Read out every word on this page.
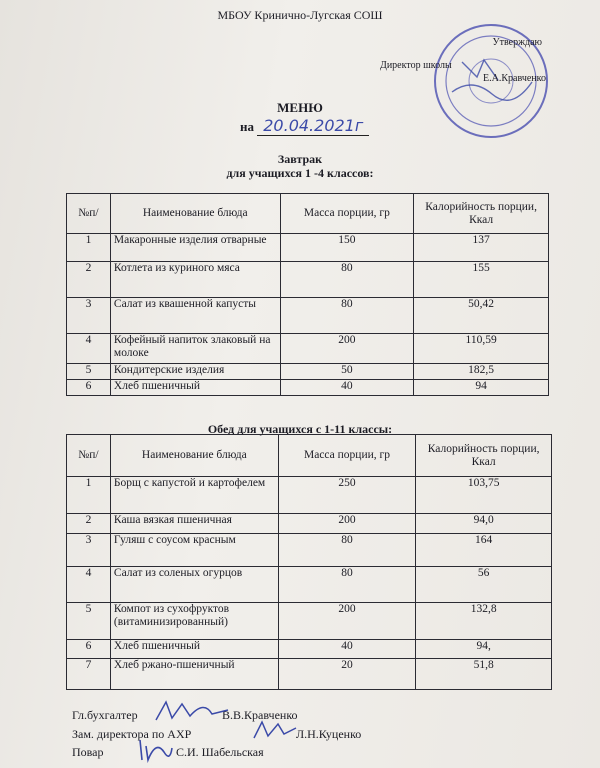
МБОУ Кринично-Лугская СОШ
Утверждаю
Директор школы
Е.А.Кравченко
МЕНЮ
на 20.04.2021г
Завтрак
для учащихся 1 -4 классов:
№п/	Наименование блюда	Масса порции, гр	Калорийность порции, Ккал
1	Макаронные изделия отварные	150	137
2	Котлета из куриного мяса	80	155
3	Салат из квашенной капусты	80	50,42
4	Кофейный напиток злаковый на молоке	200	110,59
5	Кондитерские изделия	50	182,5
6	Хлеб пшеничный	40	94
Обед для учащихся с 1-11 классы:
№п/	Наименование блюда	Масса порции, гр	Калорийность порции, Ккал
1	Борщ с капустой и картофелем	250	103,75
2	Каша вязкая пшеничная	200	94,0
3	Гуляш с соусом красным	80	164
4	Салат из соленых огурцов	80	56
5	Компот из сухофруктов (витаминизированный)	200	132,8
6	Хлеб пшеничный	40	94,
7	Хлеб ржано-пшеничный	20	51,8
Гл.бухгалтер	В.В.Кравченко
Зам. директора по АХР	Л.Н.Куценко
Повар	С.И. Шабельская
